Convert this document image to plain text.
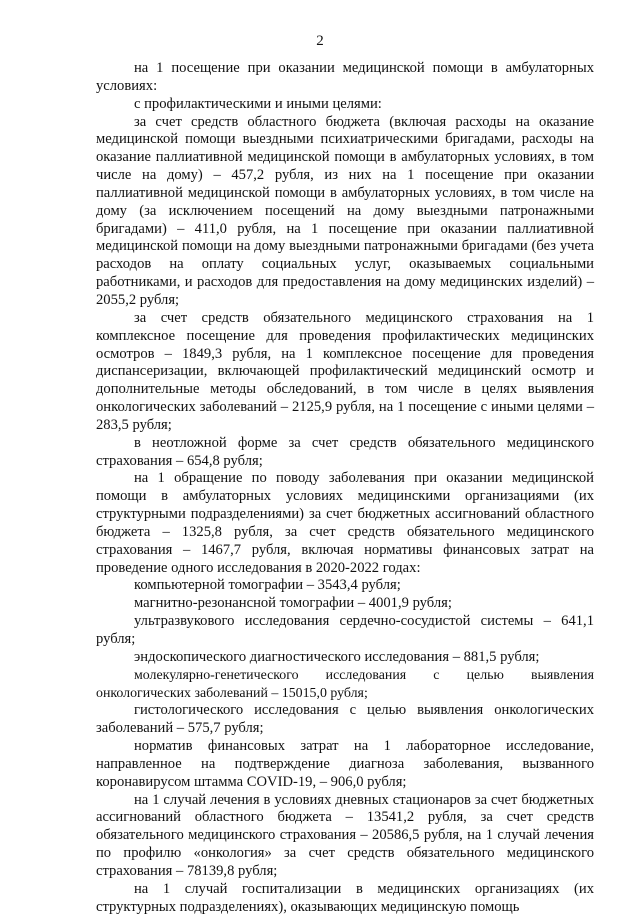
2

на 1 посещение при оказании медицинской помощи в амбулаторных условиях:

с профилактическими и иными целями:

за счет средств областного бюджета (включая расходы на оказание медицинской помощи выездными психиатрическими бригадами, расходы на оказание паллиативной медицинской помощи в амбулаторных условиях, в том числе на дому) – 457,2 рубля, из них на 1 посещение при оказании паллиативной медицинской помощи в амбулаторных условиях, в том числе на дому (за исключением посещений на дому выездными патронажными бригадами) – 411,0 рубля, на 1 посещение при оказании паллиативной медицинской помощи на дому выездными патронажными бригадами (без учета расходов на оплату социальных услуг, оказываемых социальными работниками, и расходов для предоставления на дому медицинских изделий) – 2055,2 рубля;

за счет средств обязательного медицинского страхования на 1 комплексное посещение для проведения профилактических медицинских осмотров – 1849,3 рубля, на 1 комплексное посещение для проведения диспансеризации, включающей профилактический медицинский осмотр и дополнительные методы обследований, в том числе в целях выявления онкологических заболеваний – 2125,9 рубля, на 1 посещение с иными целями – 283,5 рубля;

в неотложной форме за счет средств обязательного медицинского страхования – 654,8 рубля;

на 1 обращение по поводу заболевания при оказании медицинской помощи в амбулаторных условиях медицинскими организациями (их структурными подразделениями) за счет бюджетных ассигнований областного бюджета – 1325,8 рубля, за счет средств обязательного медицинского страхования – 1467,7 рубля, включая нормативы финансовых затрат на проведение одного исследования в 2020-2022 годах:

компьютерной томографии – 3543,4 рубля;

магнитно-резонансной томографии – 4001,9 рубля;

ультразвукового исследования сердечно-сосудистой системы – 641,1 рубля;

эндоскопического диагностического исследования – 881,5 рубля;

молекулярно-генетического исследования с целью выявления онкологических заболеваний – 15015,0 рубля;

гистологического исследования с целью выявления онкологических заболеваний – 575,7 рубля;

норматив финансовых затрат на 1 лабораторное исследование, направленное на подтверждение диагноза заболевания, вызванного коронавирусом штамма COVID-19, – 906,0 рубля;

на 1 случай лечения в условиях дневных стационаров за счет бюджетных ассигнований областного бюджета – 13541,2 рубля, за счет средств обязательного медицинского страхования – 20586,5 рубля, на 1 случай лечения по профилю «онкология» за счет средств обязательного медицинского страхования – 78139,8 рубля;

на 1 случай госпитализации в медицинских организациях (их структурных подразделениях), оказывающих медицинскую помощь
